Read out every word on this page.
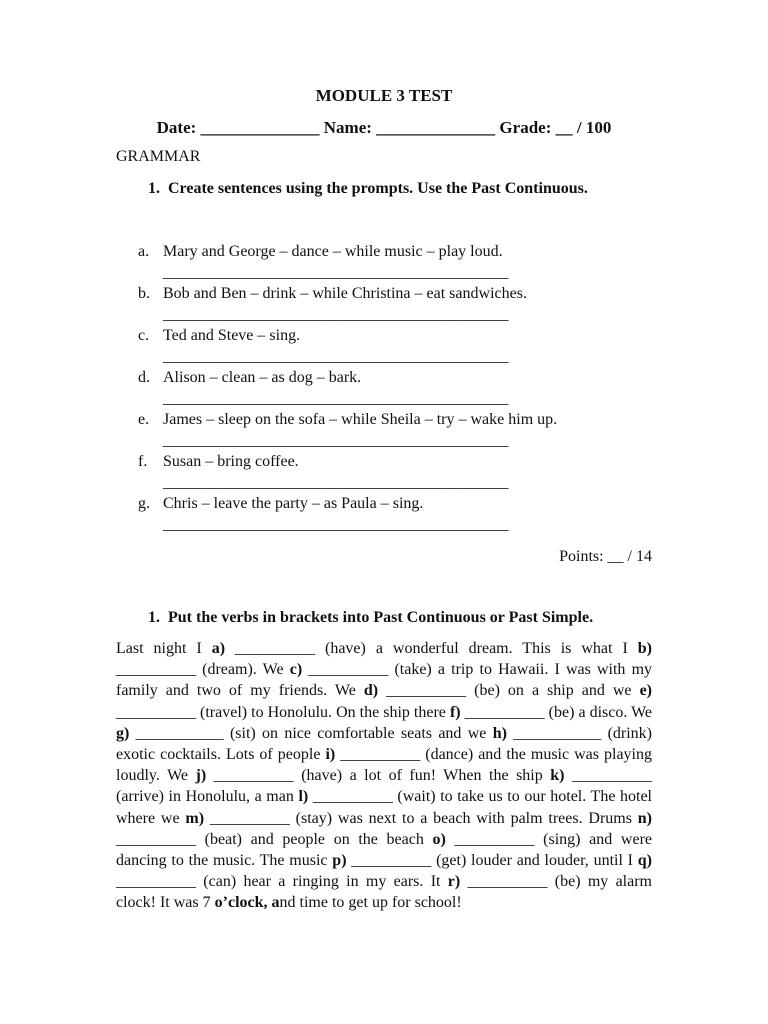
MODULE 3 TEST
Date: ______________ Name: ______________ Grade: __ / 100
GRAMMAR
1.  Create sentences using the prompts. Use the Past Continuous.
a. Mary and George – dance – while music – play loud.
______________________________________________
b. Bob and Ben – drink – while Christina – eat sandwiches.
______________________________________________
c. Ted and Steve – sing.
______________________________________________
d. Alison – clean – as dog – bark.
______________________________________________
e. James – sleep on the sofa – while Sheila – try – wake him up.
______________________________________________
f. Susan – bring coffee.
______________________________________________
g. Chris – leave the party – as Paula – sing.
______________________________________________
Points: __ / 14
1.  Put the verbs in brackets into Past Continuous or Past Simple.
Last night I a) __________ (have) a wonderful dream. This is what I b) __________ (dream). We c) __________ (take) a trip to Hawaii. I was with my family and two of my friends. We d) __________ (be) on a ship and we e) __________ (travel) to Honolulu. On the ship there f) __________ (be) a disco. We g) ___________ (sit) on nice comfortable seats and we h) ___________ (drink) exotic cocktails. Lots of people i) __________ (dance) and the music was playing loudly. We j) __________ (have) a lot of fun! When the ship k) __________ (arrive) in Honolulu, a man l) __________ (wait) to take us to our hotel. The hotel where we m) __________ (stay) was next to a beach with palm trees. Drums n) __________ (beat) and people on the beach o) __________ (sing) and were dancing to the music. The music p) __________ (get) louder and louder, until I q) __________ (can) hear a ringing in my ears. It r) __________ (be) my alarm clock! It was 7 o’clock, and time to get up for school!
